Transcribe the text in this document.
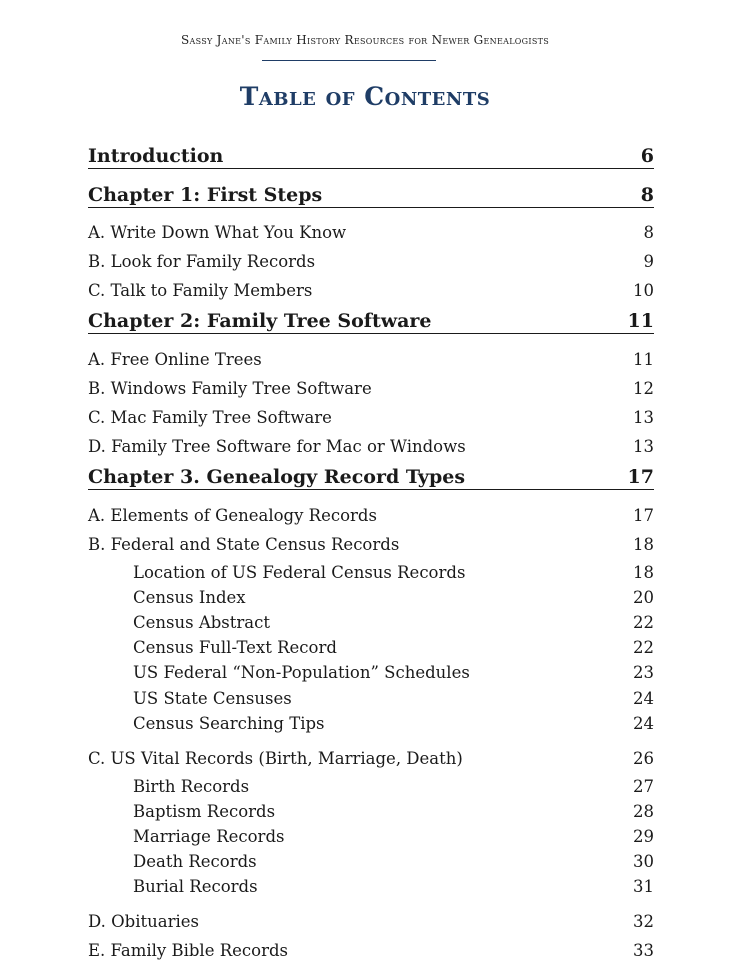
Sassy Jane's Family History Resources for Newer Genealogists
Table of Contents
Introduction	6
Chapter 1: First Steps	8
A. Write Down What You Know	8
B. Look for Family Records	9
C. Talk to Family Members	10
Chapter 2: Family Tree Software	11
A. Free Online Trees	11
B. Windows Family Tree Software	12
C. Mac Family Tree Software	13
D. Family Tree Software for Mac or Windows	13
Chapter 3. Genealogy Record Types	17
A. Elements of Genealogy Records	17
B. Federal and State Census Records	18
Location of US Federal Census Records	18
Census Index	20
Census Abstract	22
Census Full-Text Record	22
US Federal “Non-Population” Schedules	23
US State Censuses	24
Census Searching Tips	24
C. US Vital Records (Birth, Marriage, Death)	26
Birth Records	27
Baptism Records	28
Marriage Records	29
Death Records	30
Burial Records	31
D. Obituaries	32
E. Family Bible Records	33
